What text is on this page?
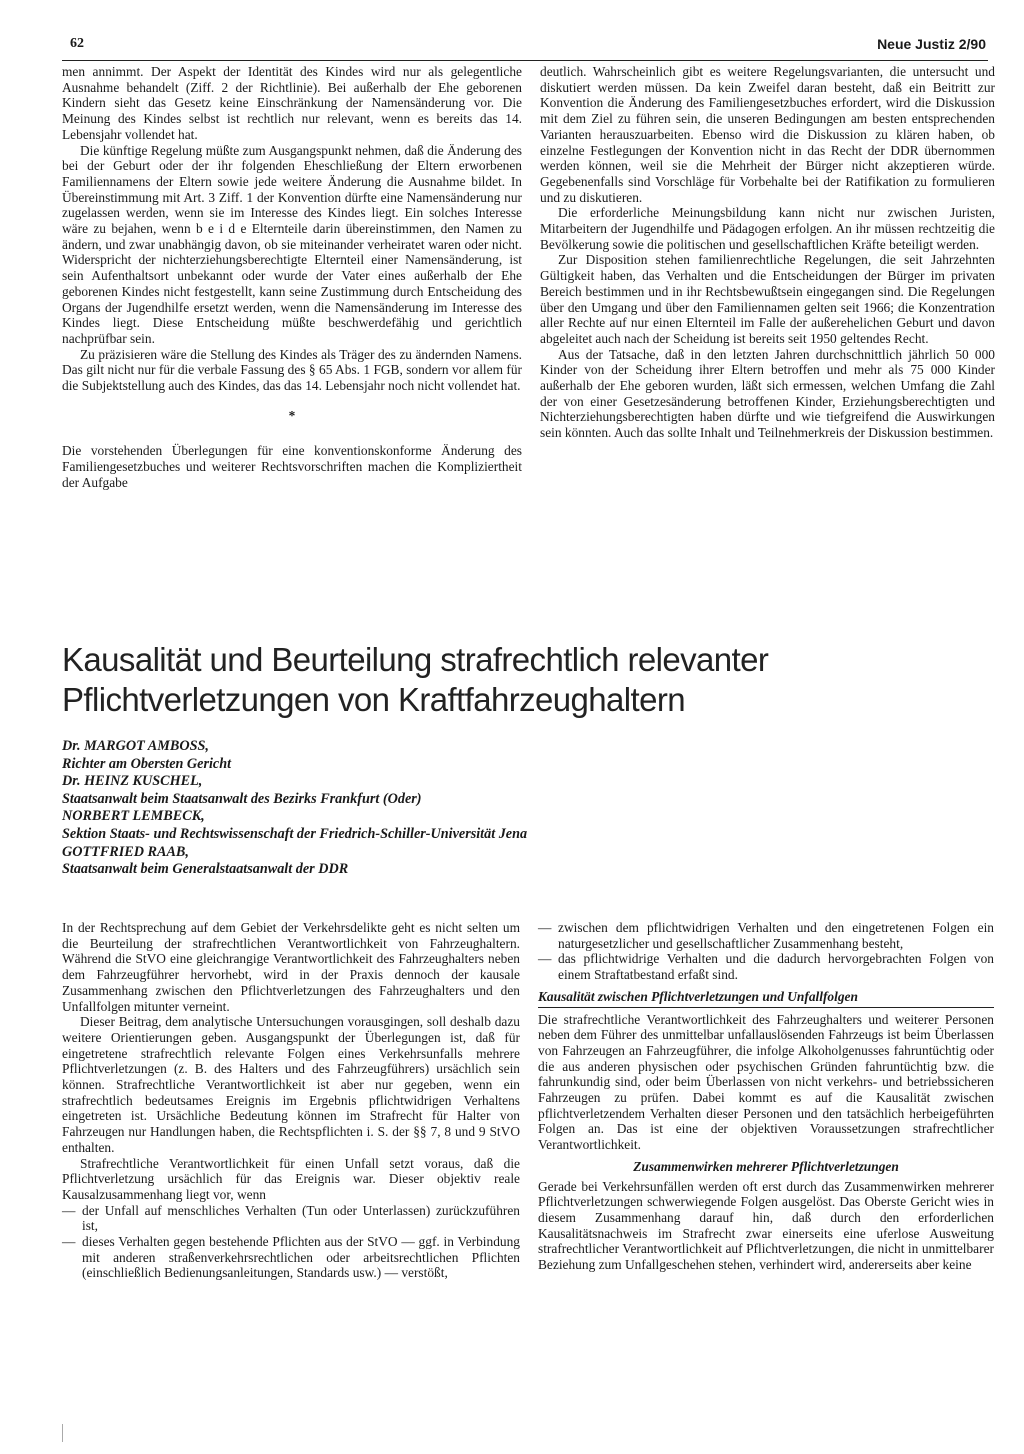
62	Neue Justiz 2/90

men annimmt. Der Aspekt der Identität des Kindes wird nur als gelegentliche Ausnahme behandelt (Ziff. 2 der Richtlinie). Bei außerhalb der Ehe geborenen Kindern sieht das Gesetz keine Einschränkung der Namensänderung vor. Die Meinung des Kindes selbst ist rechtlich nur relevant, wenn es bereits das 14. Lebensjahr vollendet hat.

Die künftige Regelung müßte zum Ausgangspunkt nehmen, daß die Änderung des bei der Geburt oder der ihr folgenden Eheschließung der Eltern erworbenen Familiennamens der Eltern sowie jede weitere Änderung die Ausnahme bildet. In Übereinstimmung mit Art. 3 Ziff. 1 der Konvention dürfte eine Namensänderung nur zugelassen werden, wenn sie im Interesse des Kindes liegt. Ein solches Interesse wäre zu bejahen, wenn b e i d e Elternteile darin übereinstimmen, den Namen zu ändern, und zwar unabhängig davon, ob sie miteinander verheiratet waren oder nicht. Widerspricht der nichterziehungsberechtigte Elternteil einer Namensänderung, ist sein Aufenthaltsort unbekannt oder wurde der Vater eines außerhalb der Ehe geborenen Kindes nicht festgestellt, kann seine Zustimmung durch Entscheidung des Organs der Jugendhilfe ersetzt werden, wenn die Namensänderung im Interesse des Kindes liegt. Diese Entscheidung müßte beschwerdefähig und gerichtlich nachprüfbar sein.

Zu präzisieren wäre die Stellung des Kindes als Träger des zu ändernden Namens. Das gilt nicht nur für die verbale Fassung des § 65 Abs. 1 FGB, sondern vor allem für die Subjektstellung auch des Kindes, das das 14. Lebensjahr noch nicht vollendet hat.

*

Die vorstehenden Überlegungen für eine konventionskonforme Änderung des Familiengesetzbuches und weiterer Rechtsvorschriften machen die Kompliziertheit der Aufgabe

deutlich. Wahrscheinlich gibt es weitere Regelungsvarianten, die untersucht und diskutiert werden müssen. Da kein Zweifel daran besteht, daß ein Beitritt zur Konvention die Änderung des Familiengesetzbuches erfordert, wird die Diskussion mit dem Ziel zu führen sein, die unseren Bedingungen am besten entsprechenden Varianten herauszuarbeiten. Ebenso wird die Diskussion zu klären haben, ob einzelne Festlegungen der Konvention nicht in das Recht der DDR übernommen werden können, weil sie die Mehrheit der Bürger nicht akzeptieren würde. Gegebenenfalls sind Vorschläge für Vorbehalte bei der Ratifikation zu formulieren und zu diskutieren.

Die erforderliche Meinungsbildung kann nicht nur zwischen Juristen, Mitarbeitern der Jugendhilfe und Pädagogen erfolgen. An ihr müssen rechtzeitig die Bevölkerung sowie die politischen und gesellschaftlichen Kräfte beteiligt werden.

Zur Disposition stehen familienrechtliche Regelungen, die seit Jahrzehnten Gültigkeit haben, das Verhalten und die Entscheidungen der Bürger im privaten Bereich bestimmen und in ihr Rechtsbewußtsein eingegangen sind. Die Regelungen über den Umgang und über den Familiennamen gelten seit 1966; die Konzentration aller Rechte auf nur einen Elternteil im Falle der außerehelichen Geburt und davon abgeleitet auch nach der Scheidung ist bereits seit 1950 geltendes Recht.

Aus der Tatsache, daß in den letzten Jahren durchschnittlich jährlich 50 000 Kinder von der Scheidung ihrer Eltern betroffen und mehr als 75 000 Kinder außerhalb der Ehe geboren wurden, läßt sich ermessen, welchen Umfang die Zahl der von einer Gesetzesänderung betroffenen Kinder, Erziehungsberechtigten und Nichterziehungsberechtigten haben dürfte und wie tiefgreifend die Auswirkungen sein könnten. Auch das sollte Inhalt und Teilnehmerkreis der Diskussion bestimmen.

Kausalität und Beurteilung strafrechtlich relevanter
Pflichtverletzungen von Kraftfahrzeughaltern
Dr. MARGOT AMBOSS,
Richter am Obersten Gericht
Dr. HEINZ KUSCHEL,
Staatsanwalt beim Staatsanwalt des Bezirks Frankfurt (Oder)
NORBERT LEMBECK,
Sektion Staats- und Rechtswissenschaft der Friedrich-Schiller-Universität Jena
GOTTFRIED RAAB,
Staatsanwalt beim Generalstaatsanwalt der DDR

In der Rechtsprechung auf dem Gebiet der Verkehrsdelikte geht es nicht selten um die Beurteilung der strafrechtlichen Verantwortlichkeit von Fahrzeughaltern. Während die StVO eine gleichrangige Verantwortlichkeit des Fahrzeughalters neben dem Fahrzeugführer hervorhebt, wird in der Praxis dennoch der kausale Zusammenhang zwischen den Pflichtverletzungen des Fahrzeughalters und den Unfallfolgen mitunter verneint.

Dieser Beitrag, dem analytische Untersuchungen vorausgingen, soll deshalb dazu weitere Orientierungen geben. Ausgangspunkt der Überlegungen ist, daß für eingetretene strafrechtlich relevante Folgen eines Verkehrsunfalls mehrere Pflichtverletzungen (z. B. des Halters und des Fahrzeugführers) ursächlich sein können. Strafrechtliche Verantwortlichkeit ist aber nur gegeben, wenn ein strafrechtlich bedeutsames Ereignis im Ergebnis pflichtwidrigen Verhaltens eingetreten ist. Ursächliche Bedeutung können im Strafrecht für Halter von Fahrzeugen nur Handlungen haben, die Rechtspflichten i. S. der §§ 7, 8 und 9 StVO enthalten.

Strafrechtliche Verantwortlichkeit für einen Unfall setzt voraus, daß die Pflichtverletzung ursächlich für das Ereignis war. Dieser objektiv reale Kausalzusammenhang liegt vor, wenn

— der Unfall auf menschliches Verhalten (Tun oder Unterlassen) zurückzuführen ist,
— dieses Verhalten gegen bestehende Pflichten aus der StVO — ggf. in Verbindung mit anderen straßenverkehrsrechtlichen oder arbeitsrechtlichen Pflichten (einschließlich Bedienungsanleitungen, Standards usw.) — verstößt,
— zwischen dem pflichtwidrigen Verhalten und den eingetretenen Folgen ein naturgesetzlicher und gesellschaftlicher Zusammenhang besteht,
— das pflichtwidrige Verhalten und die dadurch hervorgebrachten Folgen von einem Straftatbestand erfaßt sind.
Kausalität zwischen Pflichtverletzungen und Unfallfolgen

Die strafrechtliche Verantwortlichkeit des Fahrzeughalters und weiterer Personen neben dem Führer des unmittelbar unfallauslösenden Fahrzeugs ist beim Überlassen von Fahrzeugen an Fahrzeugführer, die infolge Alkoholgenusses fahruntüchtig oder die aus anderen physischen oder psychischen Gründen fahruntüchtig bzw. die fahrunkundig sind, oder beim Überlassen von nicht verkehrs- und betriebssicheren Fahrzeugen zu prüfen. Dabei kommt es auf die Kausalität zwischen pflichtverletzendem Verhalten dieser Personen und den tatsächlich herbeigeführten Folgen an. Das ist eine der objektiven Voraussetzungen strafrechtlicher Verantwortlichkeit.

Zusammenwirken mehrerer Pflichtverletzungen

Gerade bei Verkehrsunfällen werden oft erst durch das Zusammenwirken mehrerer Pflichtverletzungen schwerwiegende Folgen ausgelöst. Das Oberste Gericht wies in diesem Zusammenhang darauf hin, daß durch den erforderlichen Kausalitätsnachweis im Strafrecht zwar einerseits eine uferlose Ausweitung strafrechtlicher Verantwortlichkeit auf Pflichtverletzungen, die nicht in unmittelbarer Beziehung zum Unfallgeschehen stehen, verhindert wird, andererseits aber keine
